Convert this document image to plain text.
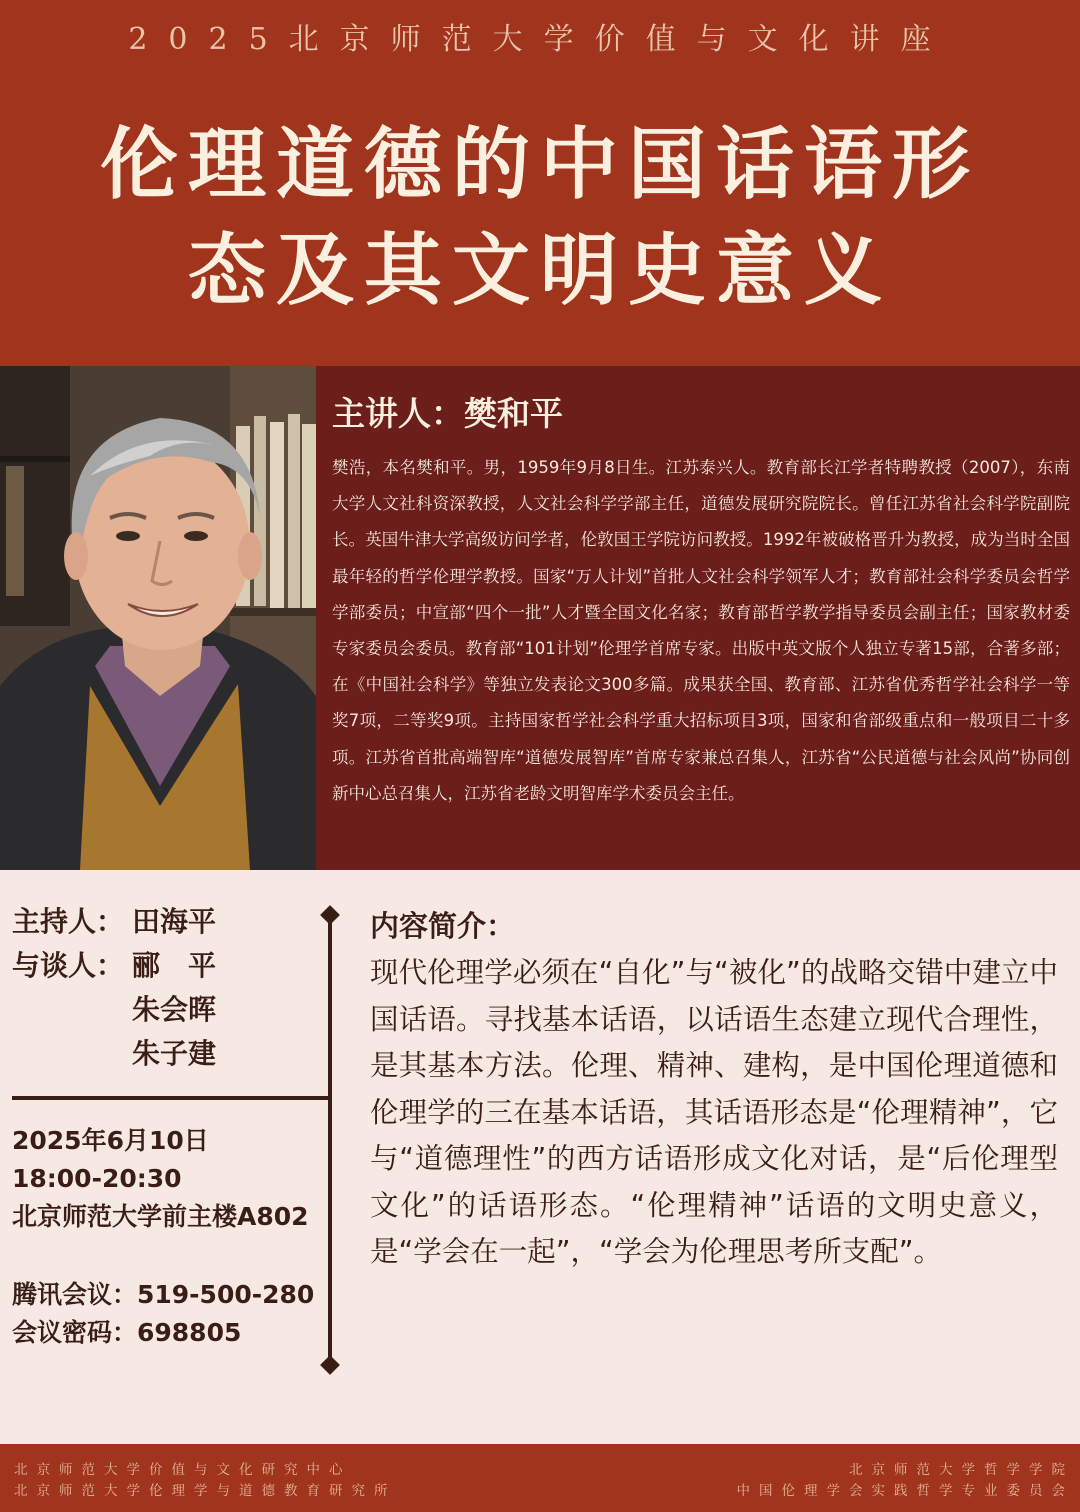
2025北京师范大学价值与文化讲座
伦理道德的中国话语形
态及其文明史意义
主讲人：樊和平

樊浩，本名樊和平。男，1959年9月8日生。江苏泰兴人。教育部长江学者特聘教授（2007），东南大学人文社科资深教授，人文社会科学学部主任，道德发展研究院院长。曾任江苏省社会科学院副院长。英国牛津大学高级访问学者，伦敦国王学院访问教授。1992年被破格晋升为教授，成为当时全国最年轻的哲学伦理学教授。国家“万人计划”首批人文社会科学领军人才；教育部社会科学委员会哲学学部委员；中宣部“四个一批”人才暨全国文化名家；教育部哲学教学指导委员会副主任；国家教材委专家委员会委员。教育部“101计划”伦理学首席专家。出版中英文版个人独立专著15部，合著多部；在《中国社会科学》等独立发表论文300多篇。成果获全国、教育部、江苏省优秀哲学社会科学一等奖7项，二等奖9项。主持国家哲学社会科学重大招标项目3项，国家和省部级重点和一般项目二十多项。江苏省首批高端智库“道德发展智库”首席专家兼总召集人，江苏省“公民道德与社会风尚”协同创新中心总召集人，江苏省老龄文明智库学术委员会主任。

主持人： 田海平
与谈人： 郦　平
朱会晖
朱子建
2025年6月10日
18:00-20:30
北京师范大学前主楼A802
腾讯会议：519-500-280
会议密码：698805
内容简介：

现代伦理学必须在“自化”与“被化”的战略交错中建立中国话语。寻找基本话语，以话语生态建立现代合理性，是其基本方法。伦理、精神、建构，是中国伦理道德和伦理学的三在基本话语，其话语形态是“伦理精神”，它与“道德理性”的西方话语形成文化对话，是“后伦理型文化”的话语形态。“伦理精神”话语的文明史意义，是“学会在一起”，“学会为伦理思考所支配”。

北京师范大学价值与文化研究中心
北京师范大学伦理学与道德教育研究所
北京师范大学哲学学院
中国伦理学会实践哲学专业委员会
